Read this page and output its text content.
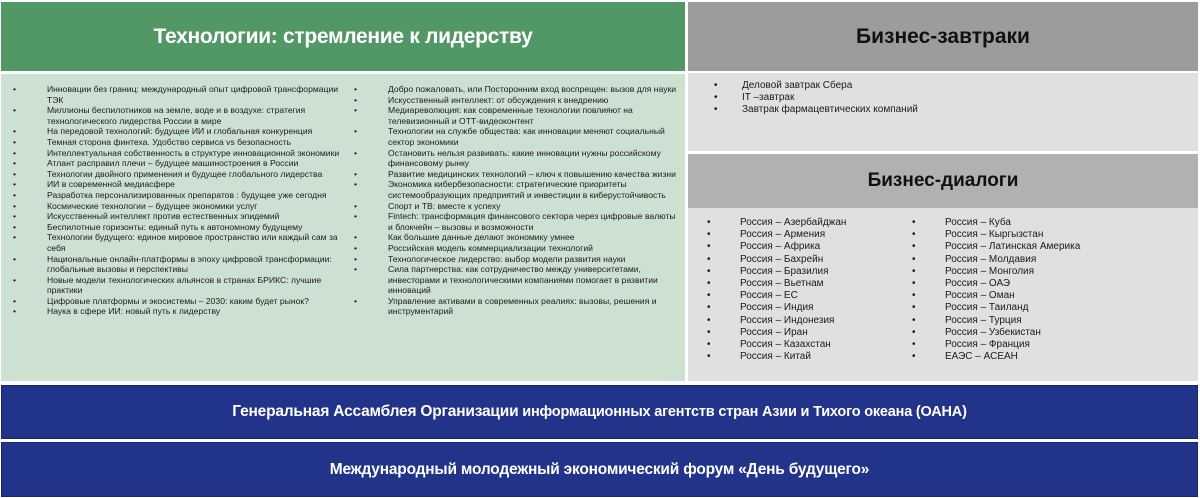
Технологии: стремление к лидерству
•	Инновации без границ: международный опыт цифровой трансформации ТЭК
•	Миллионы беспилотников на земле, воде и в воздухе: стратегия технологического лидерства России в мире
•	На передовой технологий: будущее ИИ и глобальная конкуренция
•	Темная сторона финтеха. Удобство сервиса vs безопасность
•	Интеллектуальная собственность в структуре инновационной экономики
•	Атлант расправил плечи – будущее машиностроения в России
•	Технологии двойного применения и будущее глобального лидерства
•	ИИ в современной медиасфере
•	Разработка персонализированных препаратов : будущее уже сегодня
•	Космические технологии – будущее экономики услуг
•	Искусственный интеллект против естественных эпидемий
•	Беспилотные горизонты: единый путь к автономному будущему
•	Технологии будущего: единое мировое пространство или каждый сам за себя
•	Национальные онлайн-платформы в эпоху цифровой трансформации: глобальные вызовы и перспективы
•	Новые модели технологических альянсов в странах БРИКС: лучшие практики
•	Цифровые платформы и экосистемы – 2030: каким будет рынок?
•	Наука в сфере ИИ: новый путь к лидерству
•	Добро пожаловать, или Посторонним вход воспрещен: вызов для науки
•	Искусственный интеллект: от обсуждения к внедрению
•	Медиареволюция: как современные технологии повлияют на телевизионный и ОТТ-видеоконтент
•	Технологии на службе общества: как инновации меняют социальный сектор экономики
•	Остановить нельзя развивать: какие инновации нужны российскому финансовому рынку
•	Развитие медицинских технологий – ключ к повышению качества жизни
•	Экономика кибербезопасности: стратегические приоритеты системообразующих предприятий и инвестиции в киберустойчивость
•	Спорт и ТВ: вместе к успеху
•	Fintech: трансформация финансового сектора через цифровые валюты и блокчейн – вызовы и возможности
•	Как большие данные делают экономику умнее
•	Российская модель коммерциализации технологий
•	Технологическое лидерство: выбор модели развития науки
•	Сила партнерства: как сотрудничество между университетами, инвесторами и технологическими компаниями помогает в развитии инноваций
•	Управление активами в современных реалиях: вызовы, решения и инструментарий
Бизнес-завтраки
• Деловой завтрак Сбера
• IT –завтрак
• Завтрак фармацевтических компаний
Бизнес-диалоги
•	Россия – Азербайджан
•	Россия – Армения
•	Россия – Африка
•	Россия – Бахрейн
•	Россия – Бразилия
•	Россия – Вьетнам
•	Россия – ЕС
•	Россия – Индия
•	Россия – Индонезия
•	Россия – Иран
•	Россия – Казахстан
•	Россия – Китай
•	Россия – Куба
•	Россия – Кыргызстан
•	Россия – Латинская Америка
•	Россия – Молдавия
•	Россия – Монголия
•	Россия – ОАЭ
•	Россия – Оман
•	Россия – Таиланд
•	Россия – Турция
•	Россия – Узбекистан
•	Россия – Франция
•	ЕАЭС – АСЕАН
Генеральная Ассамблея Организации информационных агентств стран Азии и Тихого океана (ОАНА)
Международный молодежный экономический форум «День будущего»
